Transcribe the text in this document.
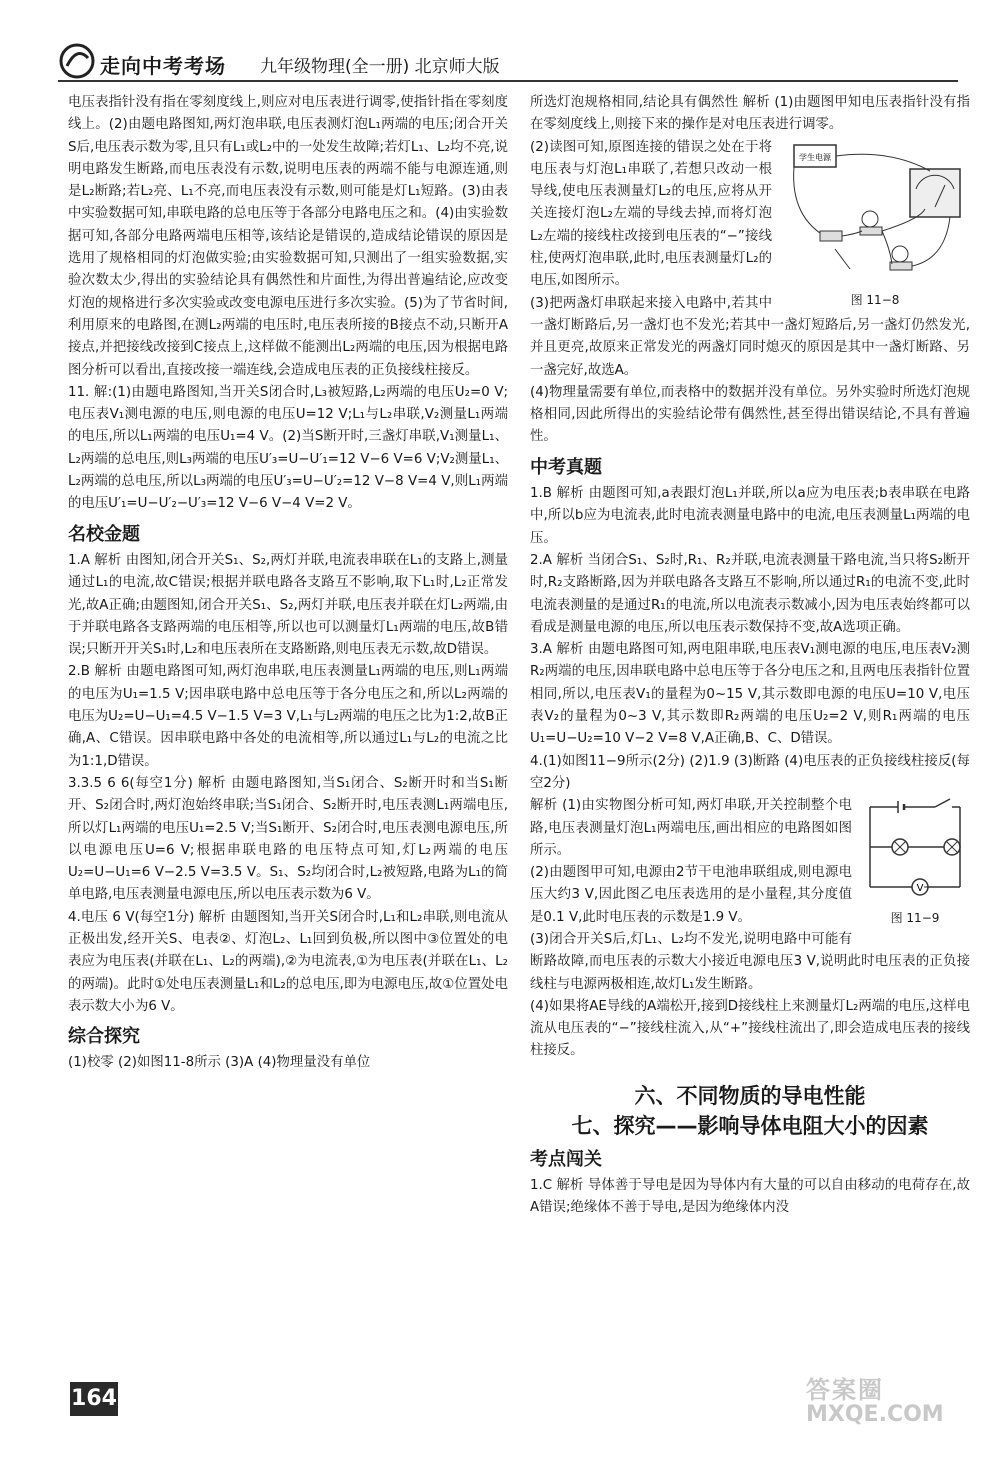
走向中考考场 九年级物理(全一册) 北京师大版

电压表指针没有指在零刻度线上,则应对电压表进行调零,使指针指在零刻度线上。(2)由题电路图知,两灯泡串联,电压表测灯泡L₁两端的电压;闭合开关S后,电压表示数为零,且只有L₁或L₂中的一处发生故障;若灯L₁、L₂均不亮,说明电路发生断路,而电压表没有示数,说明电压表的两端不能与电源连通,则是L₂断路;若L₂亮、L₁不亮,而电压表没有示数,则可能是灯L₁短路。(3)由表中实验数据可知,串联电路的总电压等于各部分电路电压之和。(4)由实验数据可知,各部分电路两端电压相等,该结论是错误的,造成结论错误的原因是选用了规格相同的灯泡做实验;由实验数据可知,只测出了一组实验数据,实验次数太少,得出的实验结论具有偶然性和片面性,为得出普遍结论,应改变灯泡的规格进行多次实验或改变电源电压进行多次实验。(5)为了节省时间,利用原来的电路图,在测L₂两端的电压时,电压表所接的B接点不动,只断开A接点,并把接线改接到C接点上,这样做不能测出L₂两端的电压,因为根据电路图分析可以看出,直接改接一端连线,会造成电压表的正负接线柱接反。

11. 解:(1)由题电路图知,当开关S闭合时,L₃被短路,L₂两端的电压U₂=0 V;电压表V₁测电源的电压,则电源的电压U=12 V;L₁与L₂串联,V₂测量L₁两端的电压,所以L₁两端的电压U₁=4 V。(2)当S断开时,三盏灯串联,V₁测量L₁、L₂两端的总电压,则L₃两端的电压U′₃=U−U′₁=12 V−6 V=6 V;V₂测量L₁、L₂两端的总电压,所以L₃两端的电压U′₃=U−U′₂=12 V−8 V=4 V,则L₁两端的电压U′₁=U−U′₂−U′₃=12 V−6 V−4 V=2 V。

名校金题

1.A 解析 由图知,闭合开关S₁、S₂,两灯并联,电流表串联在L₁的支路上,测量通过L₁的电流,故C错误;根据并联电路各支路互不影响,取下L₁时,L₂正常发光,故A正确;由题图知,闭合开关S₁、S₂,两灯并联,电压表并联在灯L₂两端,由于并联电路各支路两端的电压相等,所以也可以测量灯L₁两端的电压,故B错误;只断开开关S₁时,L₂和电压表所在支路断路,则电压表无示数,故D错误。

2.B 解析 由题电路图可知,两灯泡串联,电压表测量L₁两端的电压,则L₁两端的电压为U₁=1.5 V;因串联电路中总电压等于各分电压之和,所以L₂两端的电压为U₂=U−U₁=4.5 V−1.5 V=3 V,L₁与L₂两端的电压之比为1:2,故B正确,A、C错误。因串联电路中各处的电流相等,所以通过L₁与L₂的电流之比为1:1,D错误。

3.3.5 6 6(每空1分) 解析 由题电路图知,当S₁闭合、S₂断开时和当S₁断开、S₂闭合时,两灯泡始终串联;当S₁闭合、S₂断开时,电压表测L₁两端电压,所以灯L₁两端的电压U₁=2.5 V;当S₁断开、S₂闭合时,电压表测电源电压,所以电源电压U=6 V;根据串联电路的电压特点可知,灯L₂两端的电压U₂=U−U₁=6 V−2.5 V=3.5 V。S₁、S₂均闭合时,L₂被短路,电路为L₁的简单电路,电压表测量电源电压,所以电压表示数为6 V。

4.电压 6 V(每空1分) 解析 由题图知,当开关S闭合时,L₁和L₂串联,则电流从正极出发,经开关S、电表②、灯泡L₂、L₁回到负极,所以图中③位置处的电表应为电压表(并联在L₁、L₂的两端),②为电流表,①为电压表(并联在L₁、L₂的两端)。此时①处电压表测量L₁和L₂的总电压,即为电源电压,故①位置处电表示数大小为6 V。

综合探究

(1)校零 (2)如图11-8所示 (3)A (4)物理量没有单位

所选灯泡规格相同,结论具有偶然性 解析 (1)由题图甲知电压表指针没有指在零刻度线上,则接下来的操作是对电压表进行调零。

学生电源
图 11−8

(2)读图可知,原图连接的错误之处在于将电压表与灯泡L₁串联了,若想只改动一根导线,使电压表测量灯L₂的电压,应将从开关连接灯泡L₂左端的导线去掉,而将灯泡L₂左端的接线柱改接到电压表的“−”接线柱,使两灯泡串联,此时,电压表测量灯L₂的电压,如图所示。

(3)把两盏灯串联起来接入电路中,若其中一盏灯断路后,另一盏灯也不发光;若其中一盏灯短路后,另一盏灯仍然发光,并且更亮,故原来正常发光的两盏灯同时熄灭的原因是其中一盏灯断路、另一盏完好,故选A。

(4)物理量需要有单位,而表格中的数据并没有单位。另外实验时所选灯泡规格相同,因此所得出的实验结论带有偶然性,甚至得出错误结论,不具有普遍性。

中考真题

1.B 解析 由题图可知,a表跟灯泡L₁并联,所以a应为电压表;b表串联在电路中,所以b应为电流表,此时电流表测量电路中的电流,电压表测量L₁两端的电压。

2.A 解析 当闭合S₁、S₂时,R₁、R₂并联,电流表测量干路电流,当只将S₂断开时,R₂支路断路,因为并联电路各支路互不影响,所以通过R₁的电流不变,此时电流表测量的是通过R₁的电流,所以电流表示数减小,因为电压表始终都可以看成是测量电源的电压,所以电压表示数保持不变,故A选项正确。

3.A 解析 由题电路图可知,两电阻串联,电压表V₁测电源的电压,电压表V₂测R₂两端的电压,因串联电路中总电压等于各分电压之和,且两电压表指针位置相同,所以,电压表V₁的量程为0~15 V,其示数即电源的电压U=10 V,电压表V₂的量程为0~3 V,其示数即R₂两端的电压U₂=2 V,则R₁两端的电压U₁=U−U₂=10 V−2 V=8 V,A正确,B、C、D错误。

4.(1)如图11−9所示(2分) (2)1.9 (3)断路 (4)电压表的正负接线柱接反(每空2分)

V
图 11−9

解析 (1)由实物图分析可知,两灯串联,开关控制整个电路,电压表测量灯泡L₁两端电压,画出相应的电路图如图所示。

(2)由题图甲可知,电源由2节干电池串联组成,则电源电压大约3 V,因此图乙电压表选用的是小量程,其分度值是0.1 V,此时电压表的示数是1.9 V。

(3)闭合开关S后,灯L₁、L₂均不发光,说明电路中可能有断路故障,而电压表的示数大小接近电源电压3 V,说明此时电压表的正负接线柱与电源两极相连,故灯L₁发生断路。

(4)如果将AE导线的A端松开,接到D接线柱上来测量灯L₂两端的电压,这样电流从电压表的“−”接线柱流入,从“+”接线柱流出了,即会造成电压表的接线柱接反。

六、不同物质的导电性能
七、探究——影响导体电阻大小的因素
考点闯关

1.C 解析 导体善于导电是因为导体内有大量的可以自由移动的电荷存在,故A错误;绝缘体不善于导电,是因为绝缘体内没

164	答案圈
MXQE.COM
